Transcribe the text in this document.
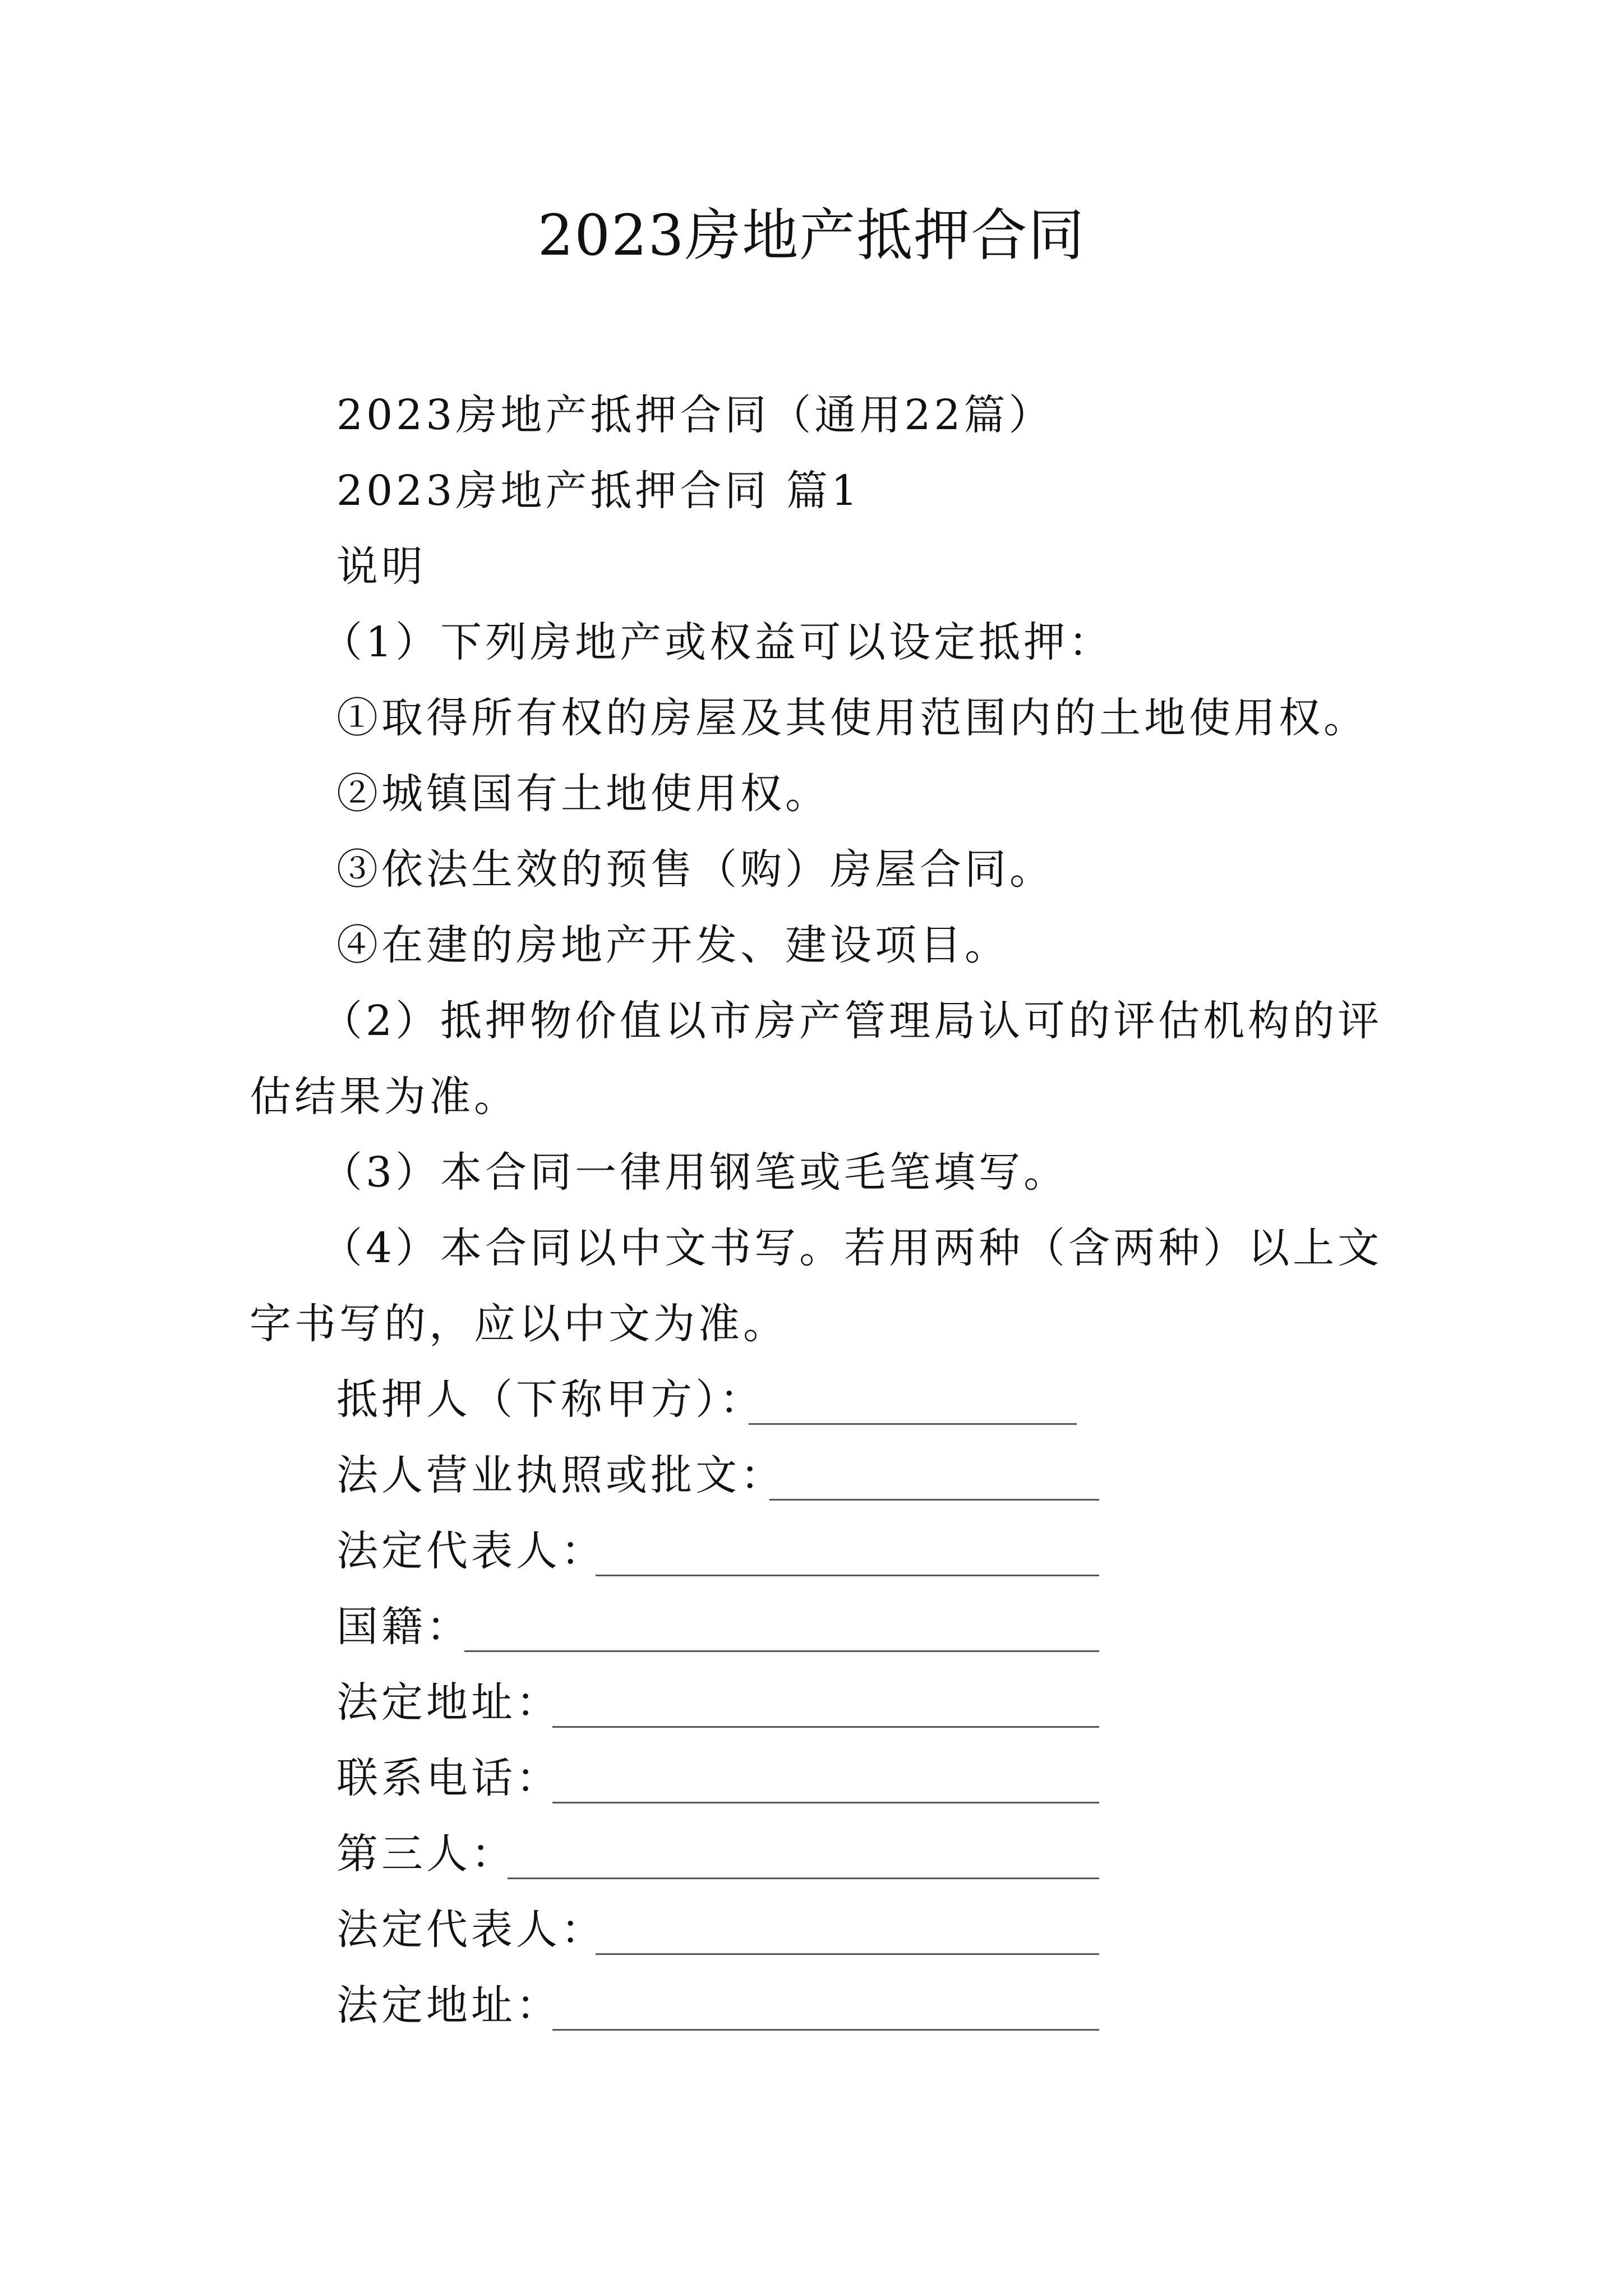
2023房地产抵押合同
2023房地产抵押合同（通用22篇）
2023房地产抵押合同 篇1
说明
（1）下列房地产或权益可以设定抵押：
①取得所有权的房屋及其使用范围内的土地使用权。
②城镇国有土地使用权。
③依法生效的预售（购）房屋合同。
④在建的房地产开发、建设项目。
（2）抵押物价值以市房产管理局认可的评估机构的评
估结果为准。
（3）本合同一律用钢笔或毛笔填写。
（4）本合同以中文书写。若用两种（含两种）以上文
字书写的，应以中文为准。
抵押人（下称甲方）：
法人营业执照或批文：
法定代表人：
国籍：
法定地址：
联系电话：
第三人：
法定代表人：
法定地址：
